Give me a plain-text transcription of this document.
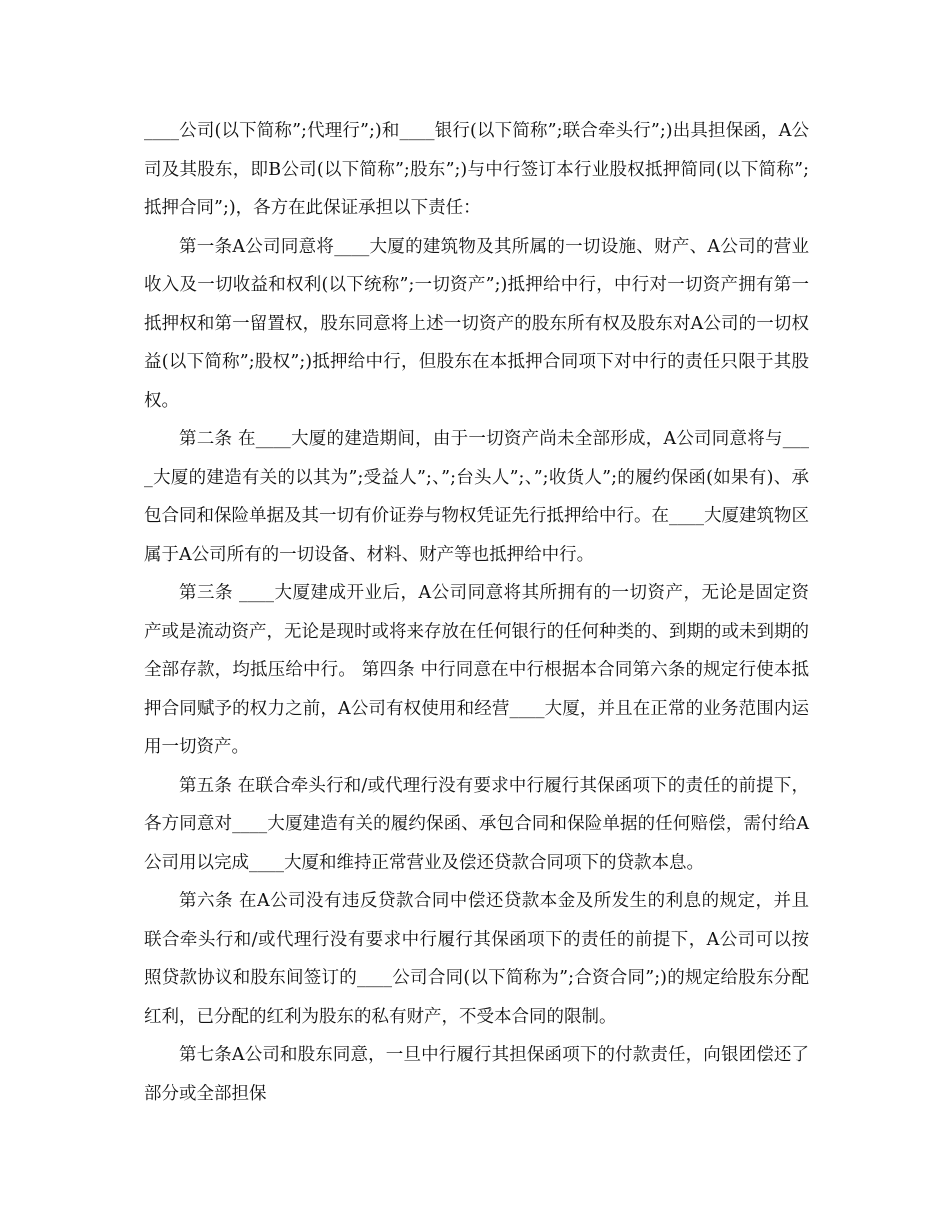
____公司(以下简称”;代理行”;)和____银行(以下简称”;联合牵头行”;)出具担保函，A公司及其股东，即B公司(以下简称”;股东”;)与中行签订本行业股权抵押简同(以下简称”;抵押合同”;)，各方在此保证承担以下责任：

第一条A公司同意将____大厦的建筑物及其所属的一切设施、财产、A公司的营业收入及一切收益和权利(以下统称”;一切资产”;)抵押给中行，中行对一切资产拥有第一抵押权和第一留置权，股东同意将上述一切资产的股东所有权及股东对A公司的一切权益(以下简称”;股权”;)抵押给中行，但股东在本抵押合同项下对中行的责任只限于其股权。

第二条 在____大厦的建造期间，由于一切资产尚未全部形成，A公司同意将与____大厦的建造有关的以其为”;受益人”;、”;台头人”;、”;收货人”;的履约保函(如果有)、承包合同和保险单据及其一切有价证券与物权凭证先行抵押给中行。在____大厦建筑物区属于A公司所有的一切设备、材料、财产等也抵押给中行。

第三条 ____大厦建成开业后，A公司同意将其所拥有的一切资产，无论是固定资产或是流动资产，无论是现时或将来存放在任何银行的任何种类的、到期的或未到期的全部存款，均抵压给中行。 第四条 中行同意在中行根据本合同第六条的规定行使本抵押合同赋予的权力之前，A公司有权使用和经营____大厦，并且在正常的业务范围内运用一切资产。

第五条 在联合牵头行和/或代理行没有要求中行履行其保函项下的责任的前提下，各方同意对____大厦建造有关的履约保函、承包合同和保险单据的任何赔偿，需付给A公司用以完成____大厦和维持正常营业及偿还贷款合同项下的贷款本息。

第六条 在A公司没有违反贷款合同中偿还贷款本金及所发生的利息的规定，并且联合牵头行和/或代理行没有要求中行履行其保函项下的责任的前提下，A公司可以按照贷款协议和股东间签订的____公司合同(以下简称为”;合资合同”;)的规定给股东分配红利，已分配的红利为股东的私有财产，不受本合同的限制。

第七条A公司和股东同意，一旦中行履行其担保函项下的付款责任，向银团偿还了部分或全部担保
